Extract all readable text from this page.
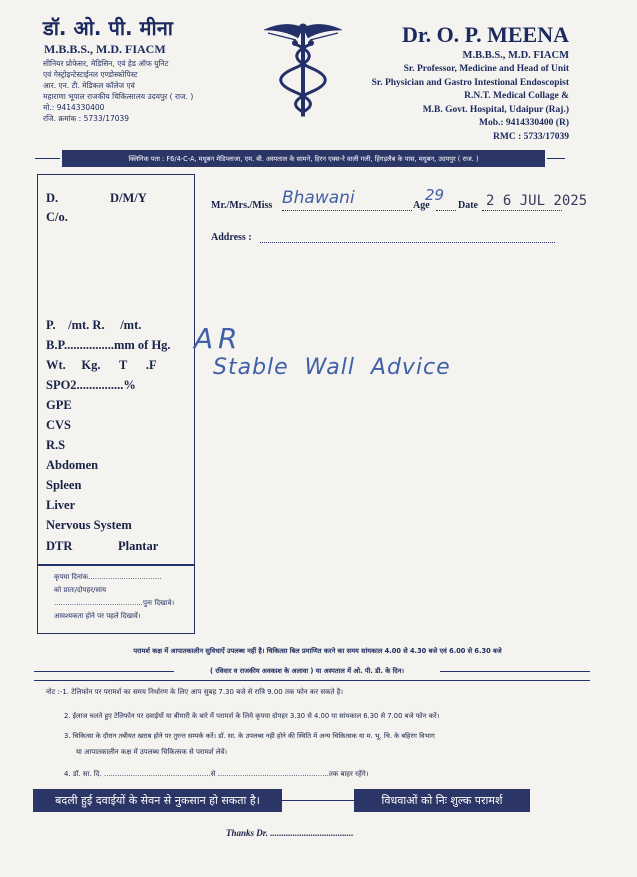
डॉ. ओ. पी. मीना
M.B.B.S., M.D. FIACM
सीनियर प्रोफेसर, मेडिसिन, एवं हेड ऑफ युनिट
एवं गेस्ट्रोइन्टेस्टाईनल एण्डोस्कोपिस्ट
आर. एन. टी. मेडिकल कॉलेज एवं
महाराणा भूपाल राजकीय चिकित्सालय उदयपुर ( राज. )
मो.: 9414330400
रजि. क्रमांक : 5733/17039
Dr. O. P. MEENA
M.B.B.S., M.D. FIACM
Sr. Professor, Medicine and Head of Unit
Sr. Physician and Gastro Intestional Endoscopist
R.N.T. Medical Collage &
M.B. Govt. Hospital, Udaipur (Raj.)
Mob.: 9414330400 (R)
RMC : 5733/17039
क्लिनिक पता : F6/4-C-A, मधुबन मेडिप्लाजा, एम. बी. अस्पताल के सामने, हिरन एक्स-रे वाली गली, हिंगड़लैब के पास, मधुबन, उदयपुर ( राज. )
D.	D/M/Y
C/o.
P.    /mt. R.     /mt.
B.P................mm of Hg.
Wt.     Kg.      T      .F
SPO2...............%
GPE
CVS
R.S
Abdomen
Spleen
Liver
Nervous System
DTR	Plantar
कृपया दिनांक.................................
को प्रातः/दोपहर/सांय
........................................पुनः दिखावे।
आवश्यकता होने पर पहले दिखावें।
Mr./Mrs./Miss Bhawani	Age
29
Date 2 6 JUL 2025
Address :
A R
Stable  Wall  Advice
परामर्श कक्ष में आपातकालीन सुविधाऐं उपलब्ध नहीं है। चिकित्सा बिल प्रमाणित करने का समय सांयकाल 4.00 से 4.30 बजे एवं 6.00 से 6.30 बजे
( रविवार व राजकीय अवकाश के अलावा ) या अस्पताल में ओ. पी. डी. के दिन।
नोट :-1. टेलिफोन पर परामर्श का समय निर्धारण के लिए आप सुबह 7.30 बजे से रात्रि 9.00 तक फोन कर सकते है।
2. ईलाज चलते हुए टेलिफोन पर दवाईयों या बीमारी के बारे में परामर्श के लिये कृपया दोपहर 3.30 से 4.00 या सांयकाल 6.30 से 7.00 बजे फोन करें।
3. चिकित्सा के दौरान तबीयत खराब होने पर तुरन्त सम्पर्क करें। डॉ. सा. के उपलब्ध नही होने की स्थिति में अन्य चिकित्सक या म. भू. चि. के बहिरंग विभाग
या आपातकालीन कक्ष में उपलब्ध चिकित्सक से परामर्श लेवें।
4. डॉ. सा. दि. ................................................से ..................................................तक बाहर रहेंगे।
बदली हुई दवाईयों के सेवन से नुकसान हो सकता है।	विधवाओं को निः शुल्क परामर्श
Thanks Dr. .....................................
